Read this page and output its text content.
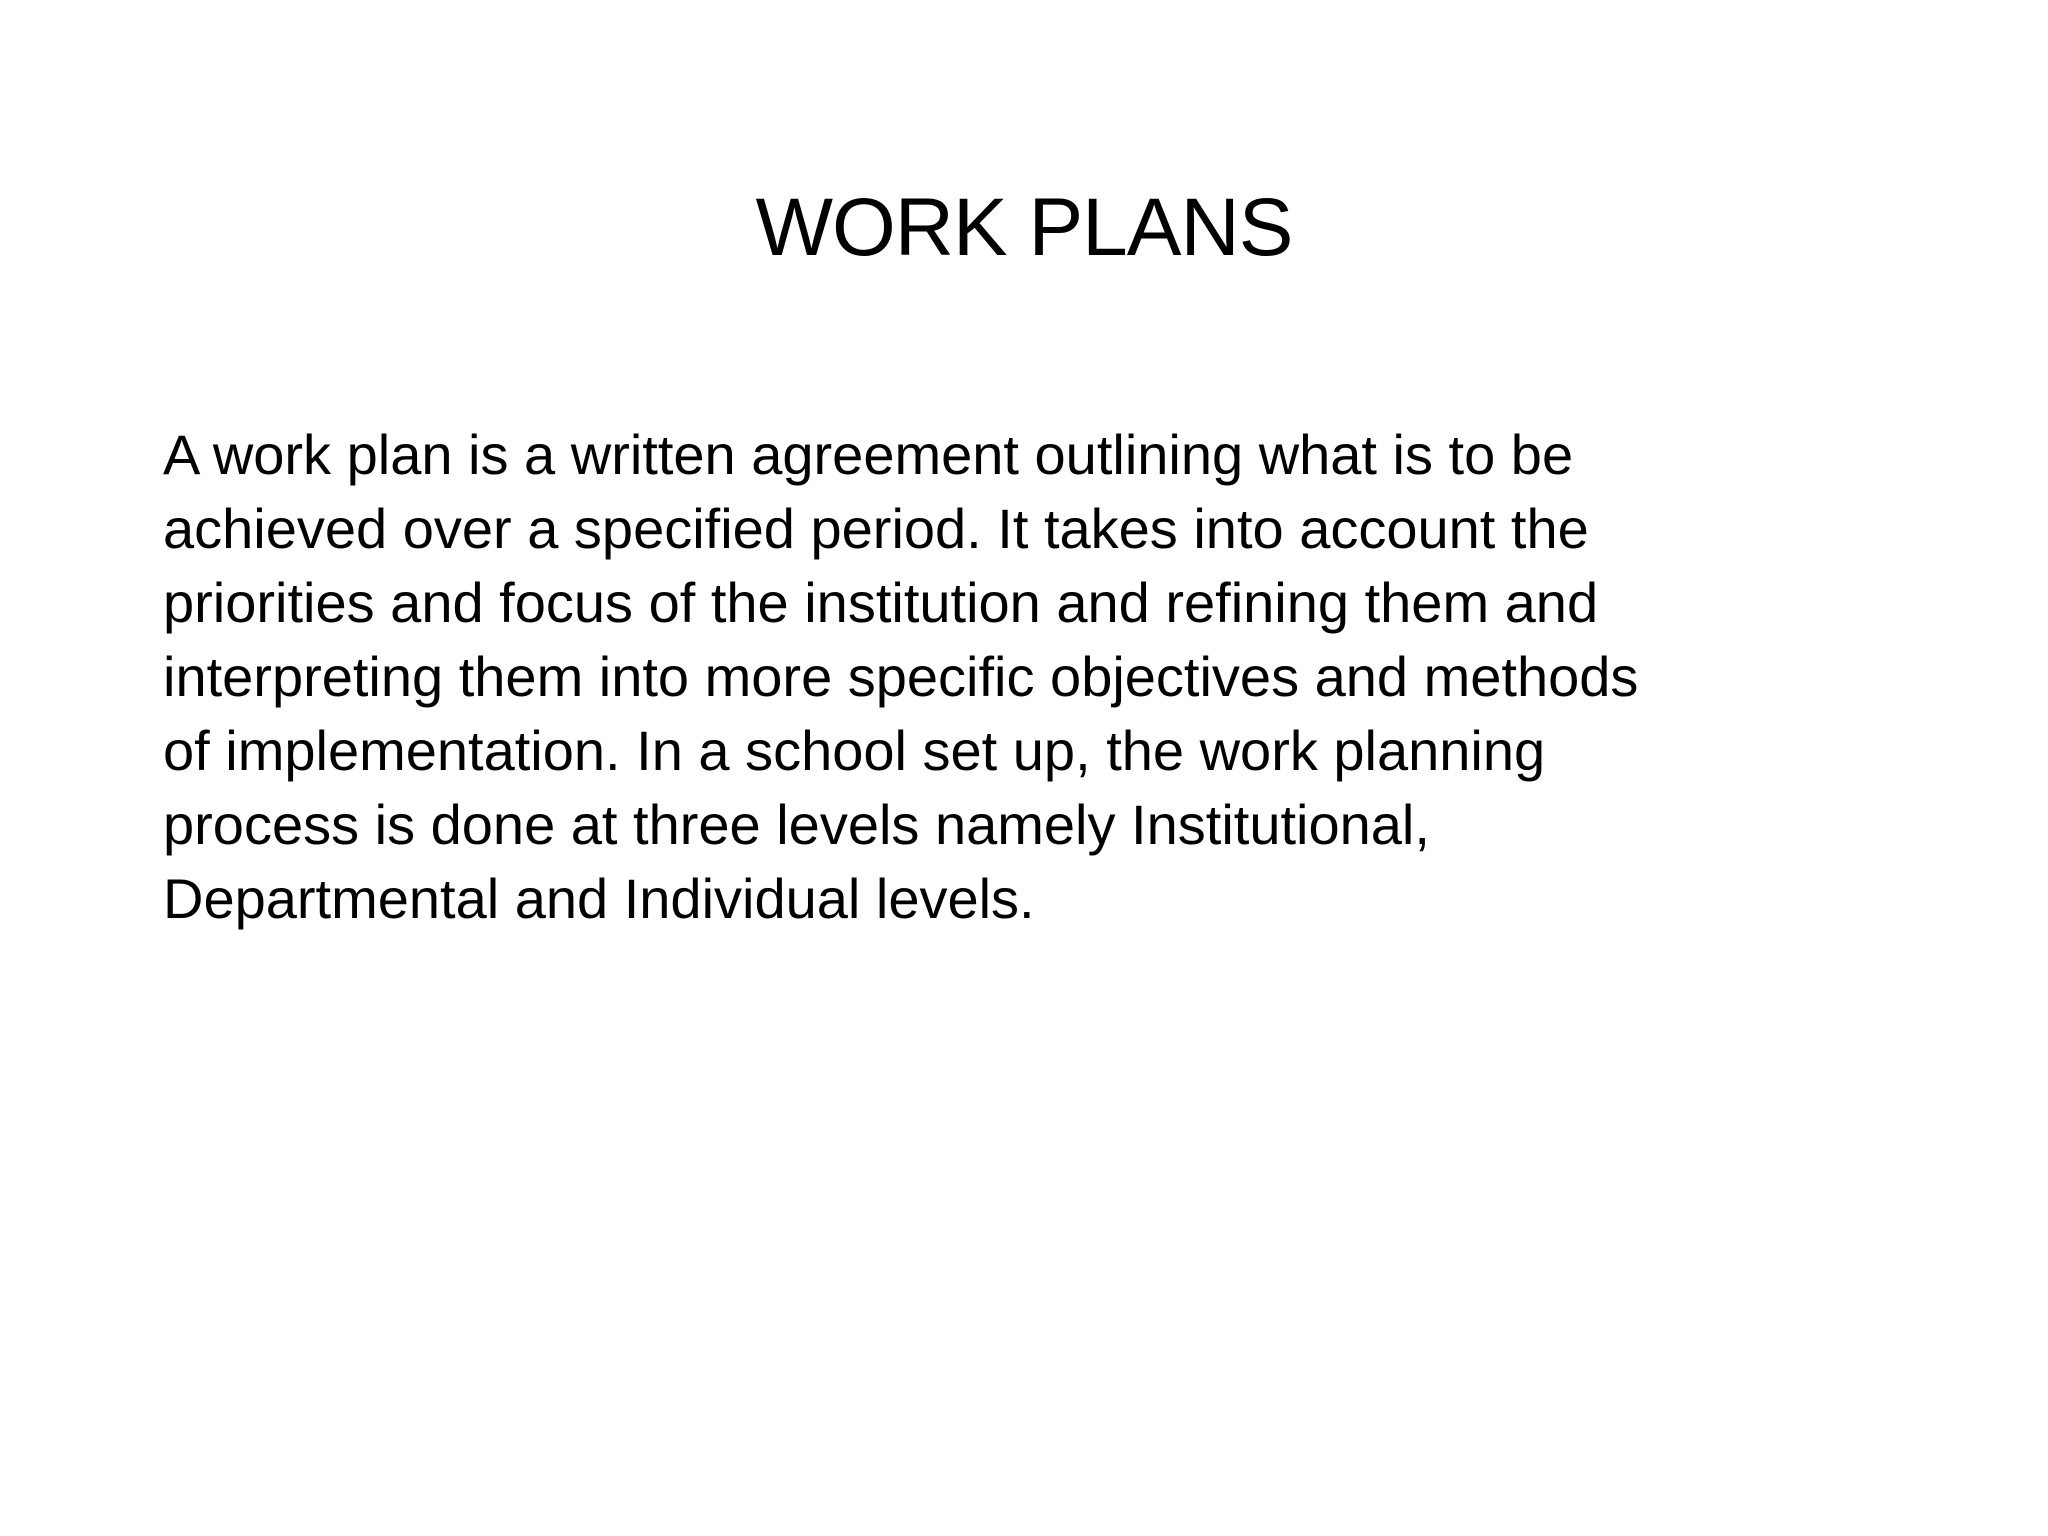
WORK PLANS
A work plan is a written agreement outlining what is to be
achieved over a specified period. It takes into account the
priorities and focus of the institution and refining them and
interpreting them into more specific objectives and methods
of implementation. In a school set up, the work planning
process is done at three levels namely Institutional,
Departmental and Individual levels.
